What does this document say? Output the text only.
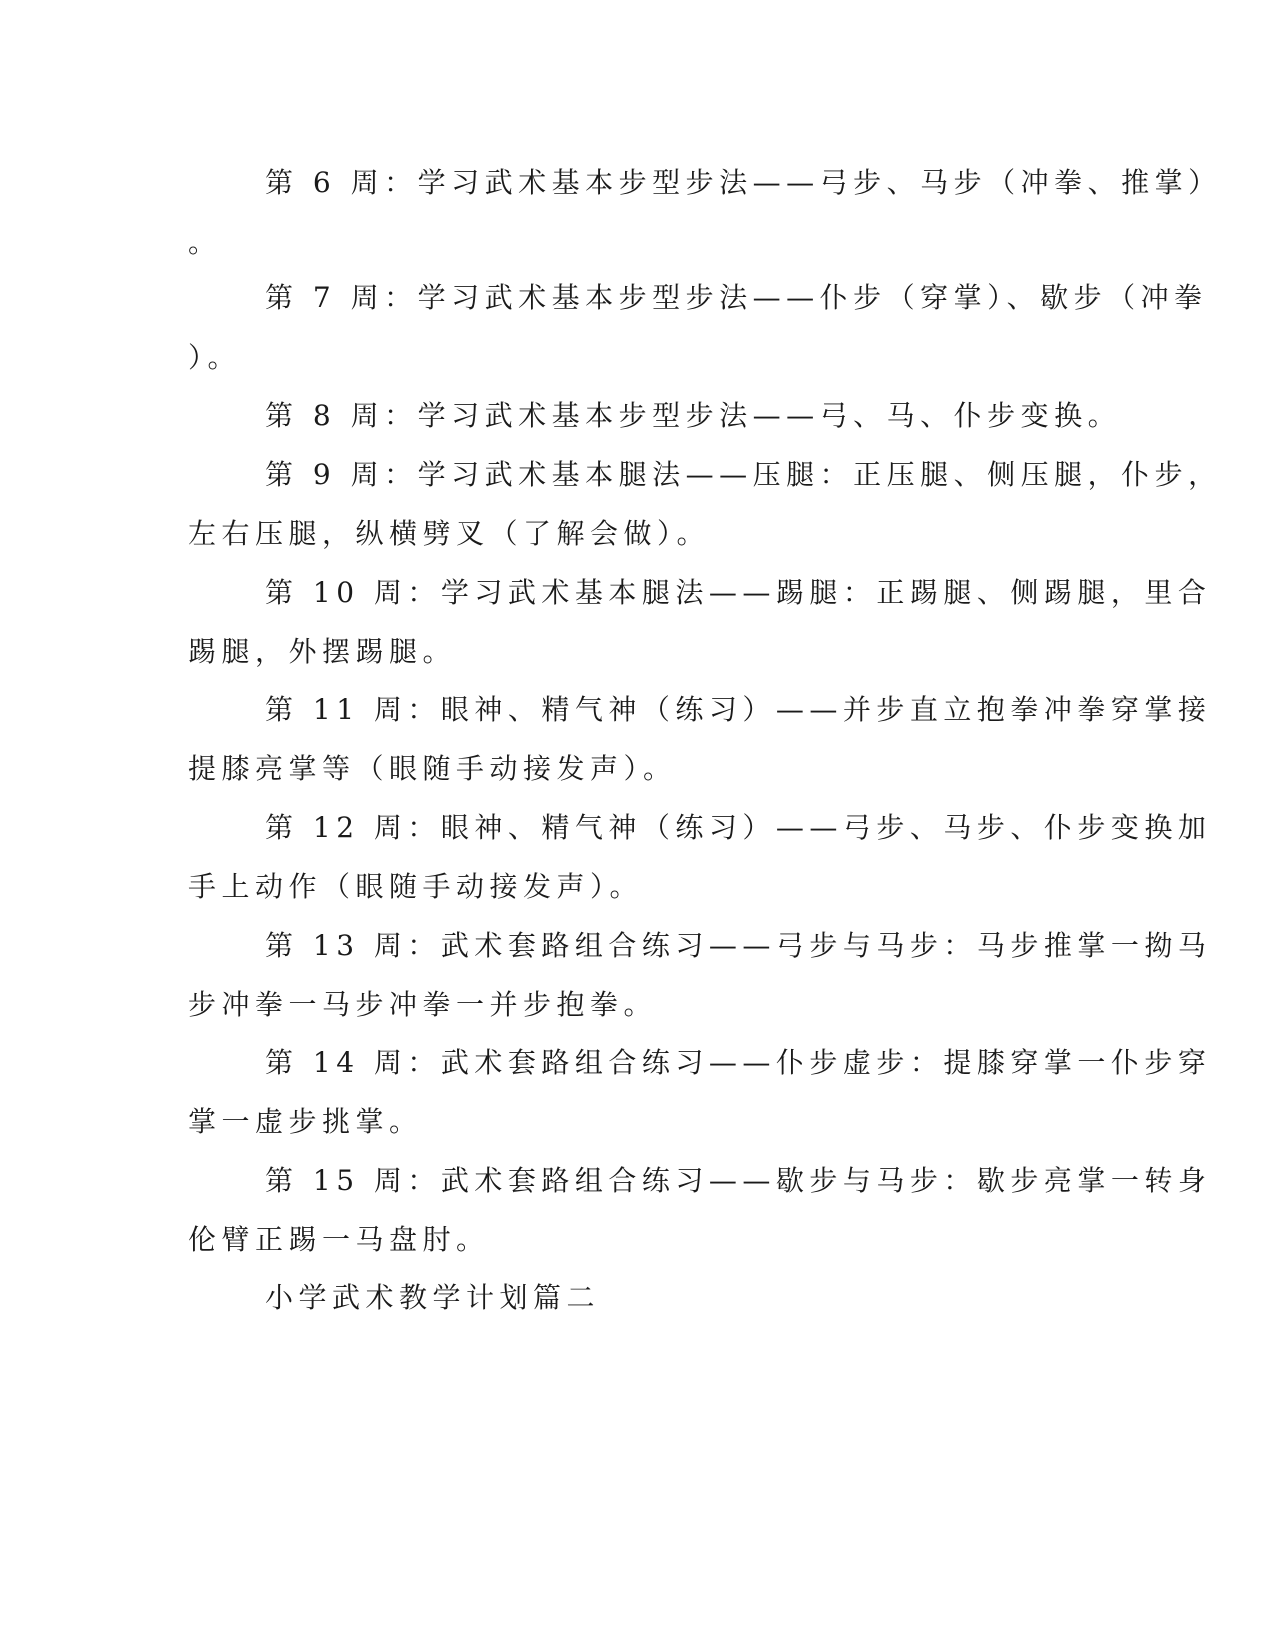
第 6 周：学习武术基本步型步法——弓步、马步（冲拳、推掌）

。

第 7 周：学习武术基本步型步法——仆步（穿掌）、歇步（冲拳

）。

第 8 周：学习武术基本步型步法——弓、马、仆步变换。

第 9 周：学习武术基本腿法——压腿：正压腿、侧压腿，仆步，

左右压腿，纵横劈叉（了解会做）。

第 10 周：学习武术基本腿法——踢腿：正踢腿、侧踢腿，里合

踢腿，外摆踢腿。

第 11 周：眼神、精气神（练习）——并步直立抱拳冲拳穿掌接

提膝亮掌等（眼随手动接发声）。

第 12 周：眼神、精气神（练习）——弓步、马步、仆步变换加

手上动作（眼随手动接发声）。

第 13 周：武术套路组合练习——弓步与马步：马步推掌一拗马

步冲拳一马步冲拳一并步抱拳。

第 14 周：武术套路组合练习——仆步虚步：提膝穿掌一仆步穿

掌一虚步挑掌。

第 15 周：武术套路组合练习——歇步与马步：歇步亮掌一转身

伦臂正踢一马盘肘。

小学武术教学计划篇二
